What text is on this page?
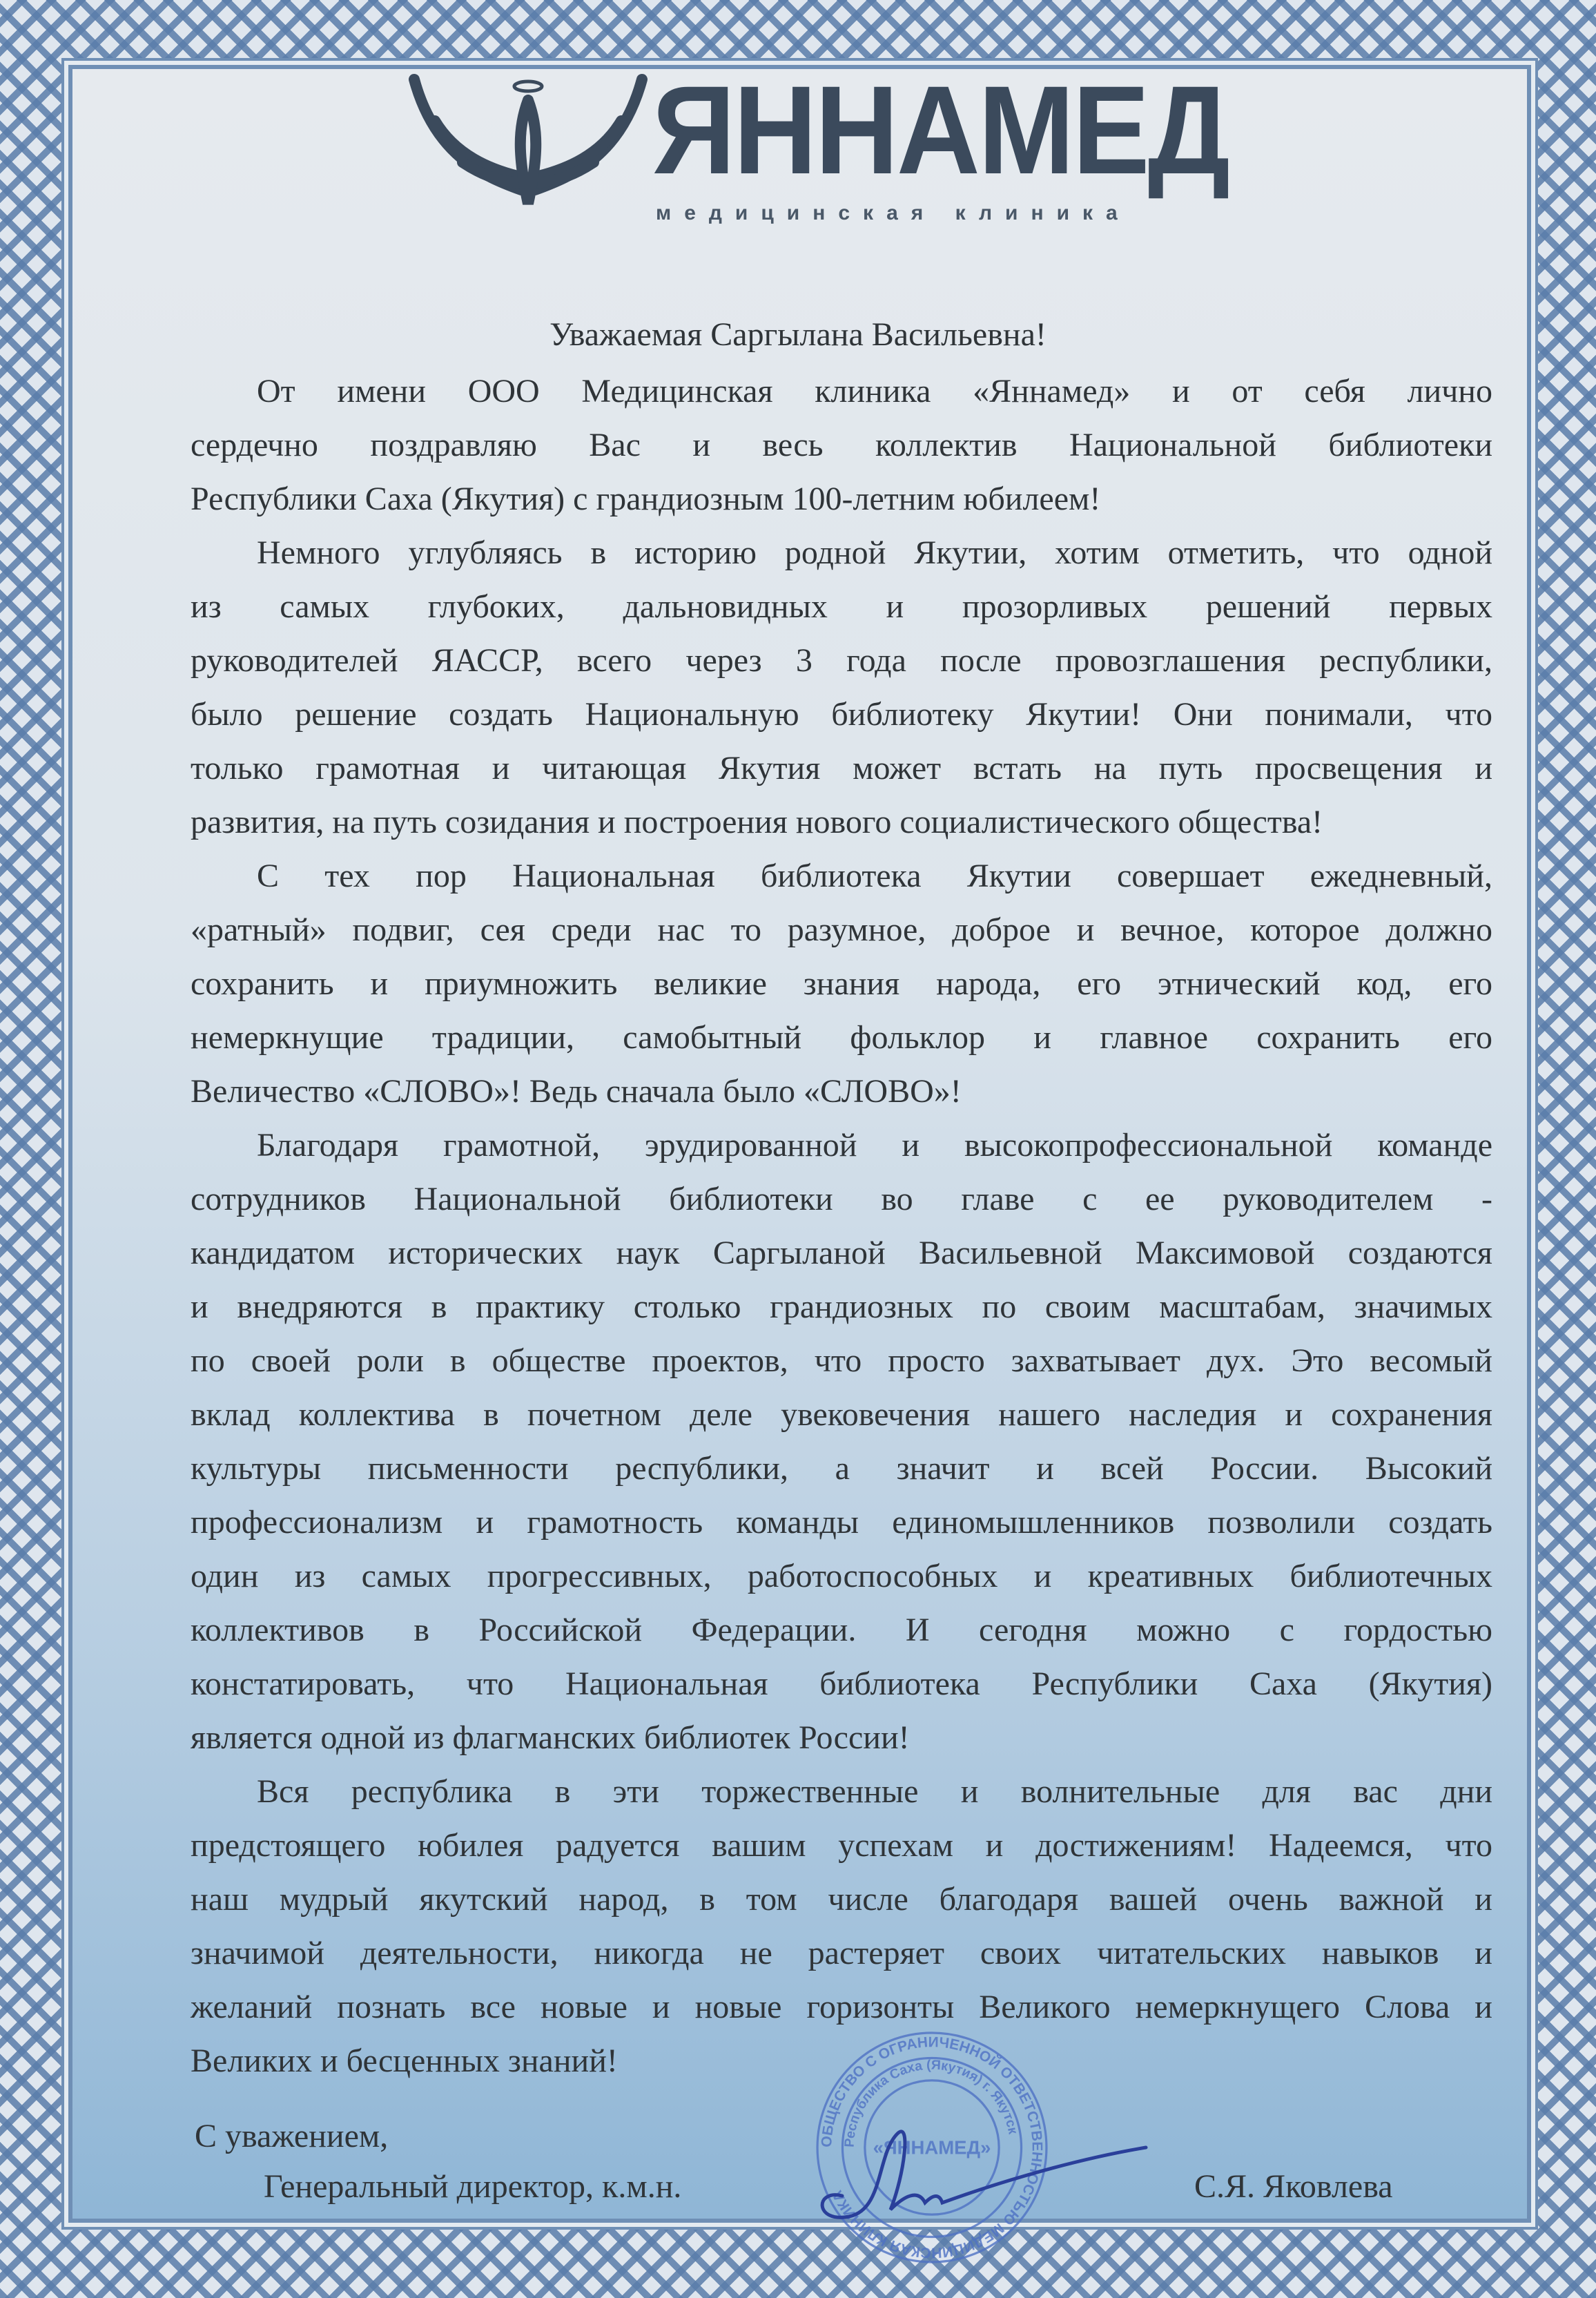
ЯННАМЕД
медицинская клиника
Уважаемая Саргылана Васильевна!
От имени ООО Медицинская клиника «Яннамед» и от себя лично
сердечно поздравляю Вас и весь коллектив Национальной библиотеки
Республики Саха (Якутия) с грандиозным 100-летним юбилеем!
Немного углубляясь в историю родной Якутии, хотим отметить, что одной
из самых глубоких, дальновидных и прозорливых решений первых
руководителей ЯАССР, всего через 3 года после провозглашения республики,
было решение создать Национальную библиотеку Якутии! Они понимали, что
только грамотная и читающая Якутия может встать на путь просвещения и
развития, на путь созидания и построения нового социалистического общества!
С тех пор Национальная библиотека Якутии совершает ежедневный,
«ратный» подвиг, сея среди нас то разумное, доброе и вечное, которое должно
сохранить и приумножить великие знания народа, его этнический код, его
немеркнущие традиции, самобытный фольклор и главное сохранить его
Величество «СЛОВО»! Ведь сначала было «СЛОВО»!
Благодаря грамотной, эрудированной и высокопрофессиональной команде
сотрудников Национальной библиотеки во главе с ее руководителем -
кандидатом исторических наук Саргыланой Васильевной Максимовой создаются
и внедряются в практику столько грандиозных по своим масштабам, значимых
по своей роли в обществе проектов, что просто захватывает дух. Это весомый
вклад коллектива в почетном деле увековечения нашего наследия и сохранения
культуры письменности республики, а значит и всей России. Высокий
профессионализм и грамотность команды единомышленников позволили создать
один из самых прогрессивных, работоспособных и креативных библиотечных
коллективов в Российской Федерации. И сегодня можно с гордостью
констатировать, что Национальная библиотека Республики Саха (Якутия)
является одной из флагманских библиотек России!
Вся республика в эти торжественные и волнительные для вас дни
предстоящего юбилея радуется вашим успехам и достижениям! Надеемся, что
наш мудрый якутский народ, в том числе благодаря вашей очень важной и
значимой деятельности, никогда не растеряет своих читательских навыков и
желаний познать все новые и новые горизонты Великого немеркнущего Слова и
Великих и бесценных знаний!
С уважением,
Генеральный директор, к.м.н.	С.Я. Яковлева
ОБЩЕСТВО С ОГРАНИЧЕННОЙ ОТВЕТСТВЕННОСТЬЮ МЕДИЦИНСКАЯ КЛИНИКА
Республика Саха (Якутия) г. Якутск
«ЯННАМЕД»
